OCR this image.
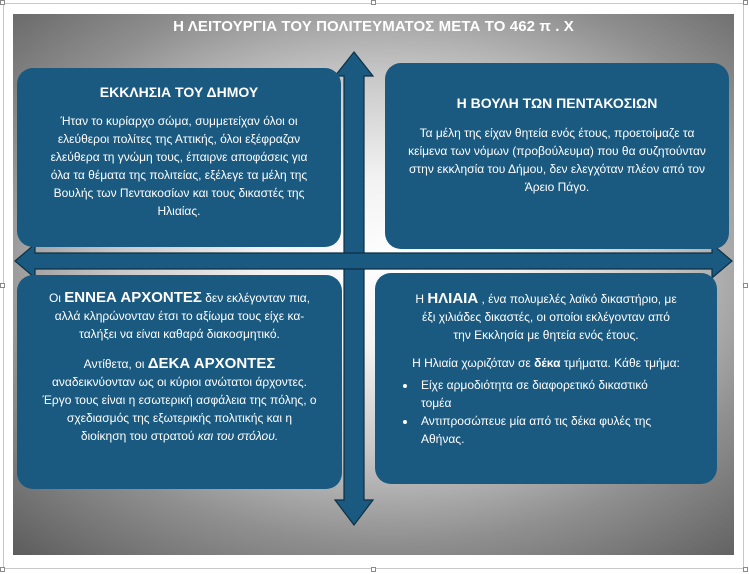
Η ΛΕΙΤΟΥΡΓΙΑ ΤΟΥ ΠΟΛΙΤΕΥΜΑΤΟΣ ΜΕΤΑ ΤΟ 462 π . Χ
ΕΚΚΛΗΣΙΑ ΤΟΥ ΔΗΜΟΥ

Ήταν το κυρίαρχο σώμα, συμμετείχαν όλοι οι
ελεύθεροι πολίτες της Αττικής, όλοι εξέφραζαν
ελεύθερα τη γνώμη τους, έπαιρνε αποφάσεις για
όλα τα θέματα της πολιτείας, εξέλεγε τα μέλη της
Βουλής των Πεντακοσίων και τους δικαστές της
Ηλιαίας.

Η ΒΟΥΛΗ ΤΩΝ ΠΕΝΤΑΚΟΣΙΩΝ

Τα μέλη της είχαν θητεία ενός έτους, προετοίμαζε τα
κείμενα των νόμων (προβούλευμα) που θα συζητούνταν
στην εκκλησία του Δήμου, δεν ελεγχόταν πλέον από τον
Άρειο Πάγο.

Οι ΕΝΝΕΑ ΑΡΧΟΝΤΕΣ δεν εκλέγονταν πια,
αλλά κληρώνονταν έτσι το αξίωμα τους είχε κα-
ταλήξει να είναι καθαρά διακοσμητικό.

Αντίθετα, οι ΔΕΚΑ ΑΡΧΟΝΤΕΣ
αναδεικνύονταν ως οι κύριοι ανώτατοι άρχοντες.
Έργο τους είναι η εσωτερική ασφάλεια της πόλης, ο
σχεδιασμός της εξωτερικής πολιτικής και η
διοίκηση του στρατού και του στόλου.

Η ΗΛΙΑΙΑ , ένα πολυμελές λαϊκό δικαστήριο, με
έξι χιλιάδες δικαστές, οι οποίοι εκλέγονταν από
την Εκκλησία με θητεία ενός έτους.

Η Ηλιαία χωριζόταν σε δέκα τμήματα. Κάθε τμήμα:

• Είχε αρμοδιότητα σε διαφορετικό δικαστικό
τομέα
• Αντιπροσώπευε μία από τις δέκα φυλές της
Αθήνας.
